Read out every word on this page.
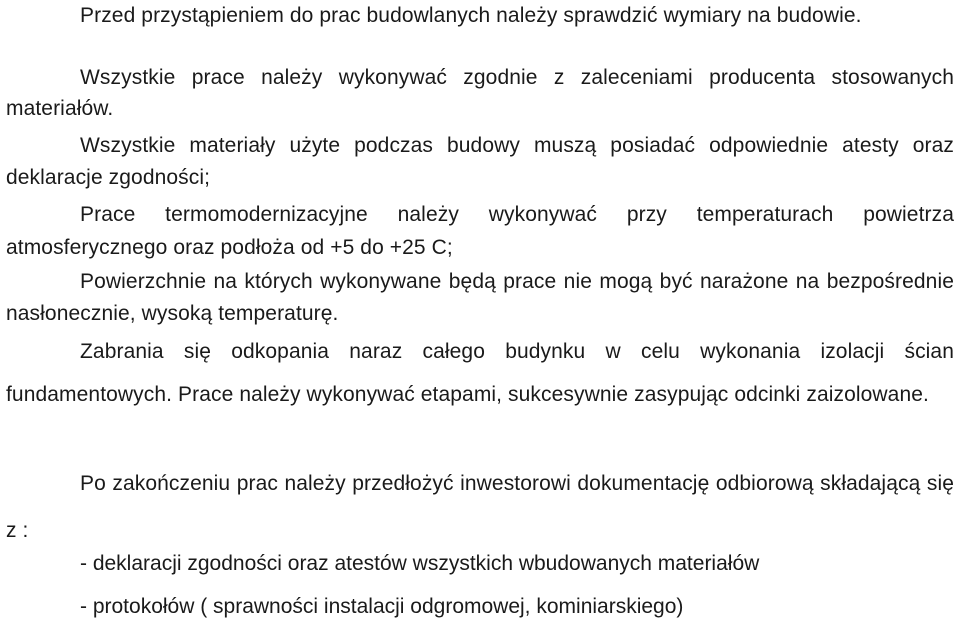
Przed przystąpieniem do prac budowlanych należy sprawdzić wymiary na budowie.

Wszystkie prace należy wykonywać zgodnie z zaleceniami producenta stosowanych materiałów.

Wszystkie materiały użyte podczas budowy muszą posiadać odpowiednie atesty oraz deklaracje zgodności;

Prace termomodernizacyjne należy wykonywać przy temperaturach powietrza atmosferycznego oraz podłoża od +5 do +25 C;

Powierzchnie na których wykonywane będą prace nie mogą być narażone na bezpośrednie nasłonecznie, wysoką temperaturę.

Zabrania się odkopania naraz całego budynku w celu wykonania izolacji ścian fundamentowych. Prace należy wykonywać etapami, sukcesywnie zasypując odcinki zaizolowane.

Po zakończeniu prac należy przedłożyć inwestorowi dokumentację odbiorową składającą się z :

- deklaracji zgodności oraz atestów wszystkich wbudowanych materiałów

- protokołów ( sprawności instalacji odgromowej, kominiarskiego)
